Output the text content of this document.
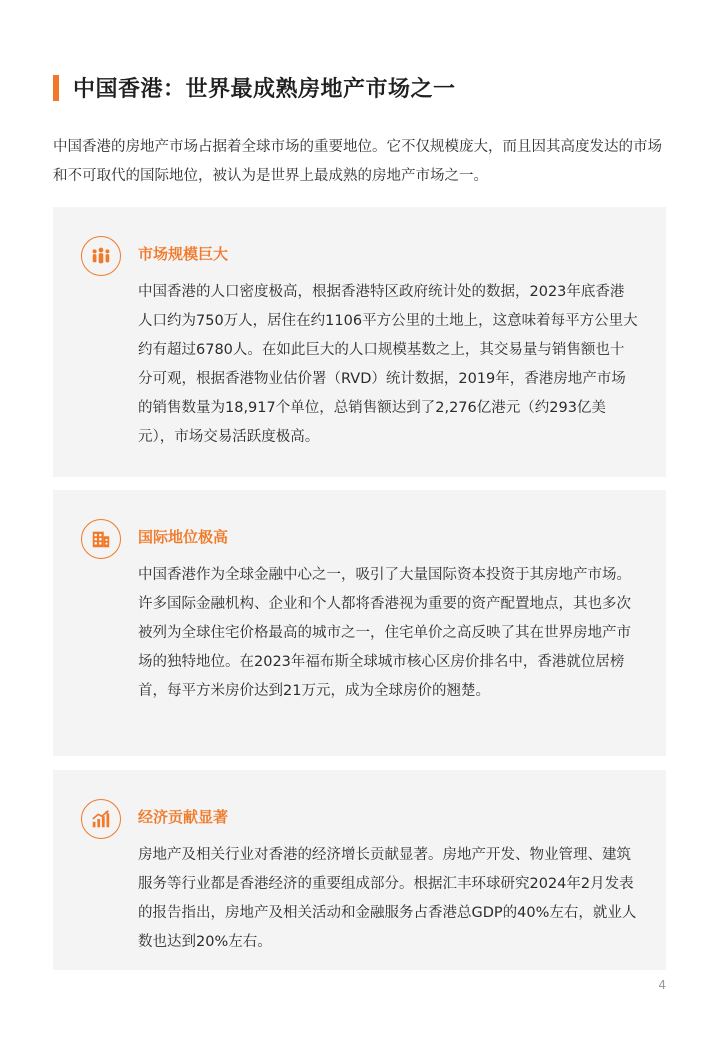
中国香港：世界最成熟房地产市场之一
中国香港的房地产市场占据着全球市场的重要地位。它不仅规模庞大，而且因其高度发达的市场和不可取代的国际地位，被认为是世界上最成熟的房地产市场之一。
市场规模巨大
中国香港的人口密度极高，根据香港特区政府统计处的数据，2023年底香港人口约为750万人，居住在约1106平方公里的土地上，这意味着每平方公里大约有超过6780人。在如此巨大的人口规模基数之上，其交易量与销售额也十分可观，根据香港物业估价署（RVD）统计数据，2019年，香港房地产市场的销售数量为18,917个单位，总销售额达到了2,276亿港元（约293亿美元），市场交易活跃度极高。
国际地位极高
中国香港作为全球金融中心之一，吸引了大量国际资本投资于其房地产市场。许多国际金融机构、企业和个人都将香港视为重要的资产配置地点，其也多次被列为全球住宅价格最高的城市之一，住宅单价之高反映了其在世界房地产市场的独特地位。在2023年福布斯全球城市核心区房价排名中，香港就位居榜首，每平方米房价达到21万元，成为全球房价的翘楚。
经济贡献显著
房地产及相关行业对香港的经济增长贡献显著。房地产开发、物业管理、建筑服务等行业都是香港经济的重要组成部分。根据汇丰环球研究2024年2月发表的报告指出，房地产及相关活动和金融服务占香港总GDP的40%左右，就业人数也达到20%左右。
4
